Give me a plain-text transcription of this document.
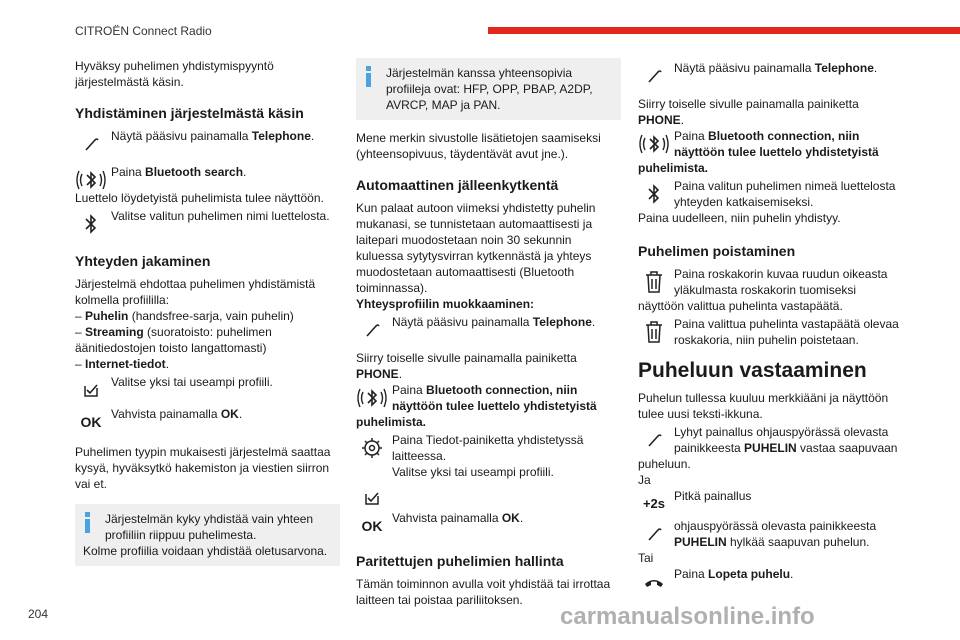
CITROËN Connect Radio

Hyväksy puhelimen yhdistymispyyntö järjestelmästä käsin.

Yhdistäminen järjestelmästä käsin
Näytä pääsivu painamalla Telephone.
Paina Bluetooth search.

Luettelo löydetyistä puhelimista tulee näyttöön.

Valitse valitun puhelimen nimi luettelosta.
Yhteyden jakaminen

Järjestelmä ehdottaa puhelimen yhdistämistä kolmella profiililla:

– Puhelin (handsfree-sarja, vain puhelin)

– Streaming (suoratoisto: puhelimen äänitiedostojen toisto langattomasti)

– Internet-tiedot.

Valitse yksi tai useampi profiili.
OK Vahvista painamalla OK.

Puhelimen tyypin mukaisesti järjestelmä saattaa kysyä, hyväksytkö hakemiston ja viestien siirron vai et.

Järjestelmän kyky yhdistää vain yhteen profiiliin riippuu puhelimesta.
Kolme profiilia voidaan yhdistää oletusarvona.
Järjestelmän kanssa yhteensopivia profiileja ovat: HFP, OPP, PBAP, A2DP, AVRCP, MAP ja PAN.

Mene merkin sivustolle lisätietojen saamiseksi (yhteensopivuus, täydentävät avut jne.).

Automaattinen jälleenkytkentä

Kun palaat autoon viimeksi yhdistetty puhelin mukanasi, se tunnistetaan automaattisesti ja laitepari muodostetaan noin 30 sekunnin kuluessa sytytysvirran kytkennästä ja yhteys muodostetaan automaattisesti (Bluetooth toiminnassa).

Yhteysprofiilin muokkaaminen:

Näytä pääsivu painamalla Telephone.

Siirry toiselle sivulle painamalla painiketta PHONE.

Paina Bluetooth connection, niin näyttöön tulee luettelo yhdistetyistä puhelimista.
Paina Tiedot-painiketta yhdistetyssä laitteessa.
Valitse yksi tai useampi profiili.
OK Vahvista painamalla OK.
Paritettujen puhelimien hallinta

Tämän toiminnon avulla voit yhdistää tai irrottaa laitteen tai poistaa pariliitoksen.

Näytä pääsivu painamalla Telephone.

Siirry toiselle sivulle painamalla painiketta PHONE.

Paina Bluetooth connection, niin näyttöön tulee luettelo yhdistetyistä puhelimista.
Paina valitun puhelimen nimeä luettelosta yhteyden katkaisemiseksi.

Paina uudelleen, niin puhelin yhdistyy.

Puhelimen poistaminen
Paina roskakorin kuvaa ruudun oikeasta yläkulmasta roskakorin tuomiseksi näyttöön valittua puhelinta vastapäätä.
Paina valittua puhelinta vastapäätä olevaa roskakoria, niin puhelin poistetaan.
Puheluun vastaaminen

Puhelun tullessa kuuluu merkkiääni ja näyttöön tulee uusi teksti-ikkuna.

Lyhyt painallus ohjauspyörässä olevasta painikkeesta PUHELIN vastaa saapuvaan puheluun.

Ja

+2s Pitkä painallus
ohjauspyörässä olevasta painikkeesta PUHELIN hylkää saapuvan puhelun.

Tai

Paina Lopeta puhelu.
204	carmanualsonline.info
